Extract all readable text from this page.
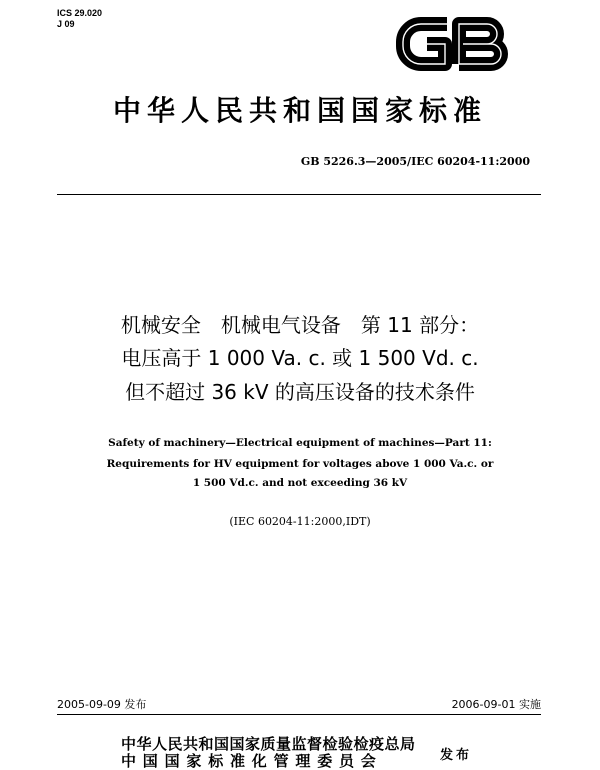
ICS 29.020
J 09
中华人民共和国国家标准
GB 5226.3—2005/IEC 60204-11:2000
机械安全　机械电气设备　第 11 部分：
电压高于 1 000 Va. c. 或 1 500 Vd. c.
但不超过 36 kV 的高压设备的技术条件
Safety of machinery—Electrical equipment of machines—Part 11:
Requirements for HV equipment for voltages above 1 000 Va.c. or
1 500 Vd.c. and not exceeding 36 kV
(IEC 60204-11:2000,IDT)
2005-09-09 发布	2006-09-01 实施
中华人民共和国国家质量监督检验检疫总局
中国国家标准化管理委员会	发布
